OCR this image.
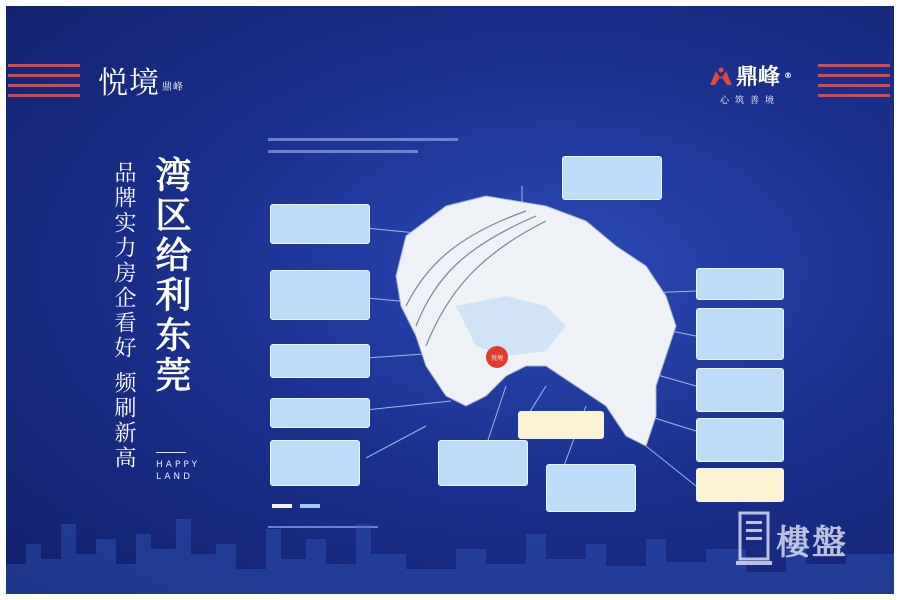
悦境 鼎峰	鼎峰 ®
心筑善境
湾区给利东莞
品牌实力房企看好 频刷新高	HAPPY
LAND
悦境
樓盤
